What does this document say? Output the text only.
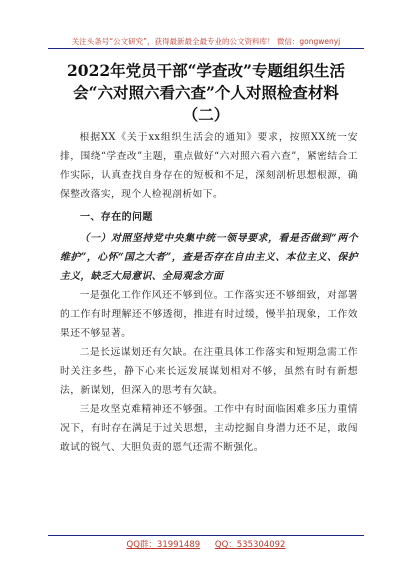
关注头条号“公文研究”，获得最新最全最专业的公文资料库！ 微信：gongwenyj
2022年党员干部“学查改”专题组织生活
会“六对照六看六查”个人对照检查材料
（二）

根据XX《关于xx组织生活会的通知》要求，按照XX统一安排，围绕“学查改”主题，重点做好“六对照六看六查”，紧密结合工作实际，认真查找自身存在的短板和不足，深刻剖析思想根源，确保整改落实，现个人检视剖析如下。

一、存在的问题

（一）对照坚持党中央集中统一领导要求，看是否做到“两个维护”，心怀“国之大者”，查是否存在自由主义、本位主义、保护主义，缺乏大局意识、全局观念方面

一是强化工作作风还不够到位。工作落实还不够细致，对部署的工作有时理解还不够透彻，推进有时过缓，慢半拍现象，工作效果还不够显著。

二是长远谋划还有欠缺。在注重具体工作落实和短期急需工作时关注多些，静下心来长远发展谋划相对不够，虽然有时有新想法，新谋划，但深入的思考有欠缺。

三是攻坚克难精神还不够强。工作中有时面临困难多压力重情况下，有时存在满足于过关思想，主动挖掘自身潜力还不足，敢闯敢试的锐气、大胆负责的恩气还需不断强化。

QQ群：31991489 QQ：535304092
